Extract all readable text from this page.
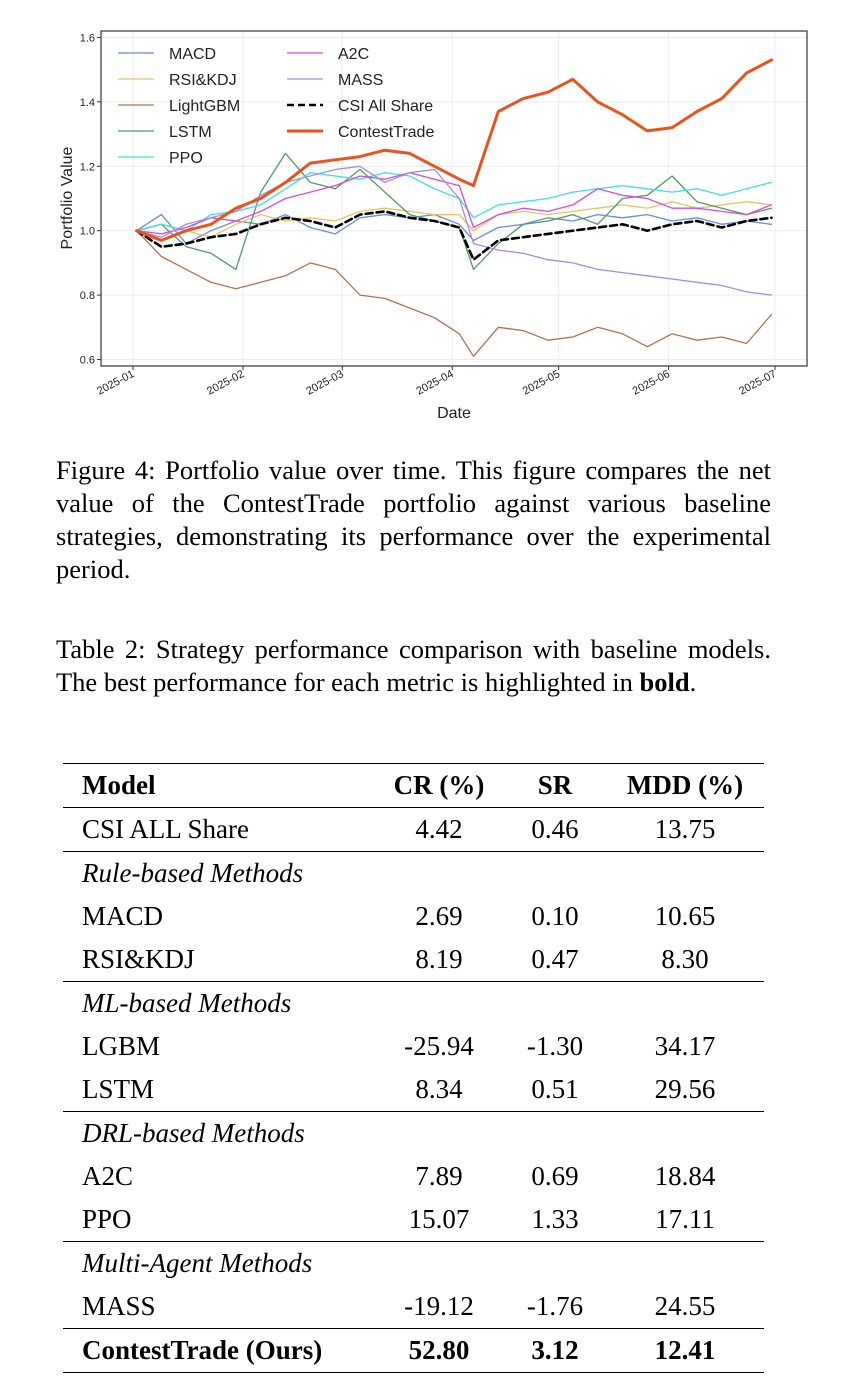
0.6
0.8
1.0
1.2
1.4
1.6
2025-01	2025-02	2025-03	2025-04	2025-05	2025-06	2025-07
Portfolio Value
Date
MACD
RSI&KDJ
LightGBM
LSTM
PPO
A2C
MASS
CSI All Share
ContestTrade
Figure 4: Portfolio value over time. This figure compares the net value of the ContestTrade portfolio against various baseline strategies, demonstrating its performance over the experimental period.
Table 2: Strategy performance comparison with baseline models. The best performance for each metric is highlighted in bold.
Model	CR (%)	SR	MDD (%)
CSI ALL Share	4.42	0.46	13.75
Rule-based Methods			
MACD	2.69	0.10	10.65
RSI&KDJ	8.19	0.47	8.30
ML-based Methods			
LGBM	-25.94	-1.30	34.17
LSTM	8.34	0.51	29.56
DRL-based Methods			
A2C	7.89	0.69	18.84
PPO	15.07	1.33	17.11
Multi-Agent Methods			
MASS	-19.12	-1.76	24.55
ContestTrade (Ours)	52.80	3.12	12.41
